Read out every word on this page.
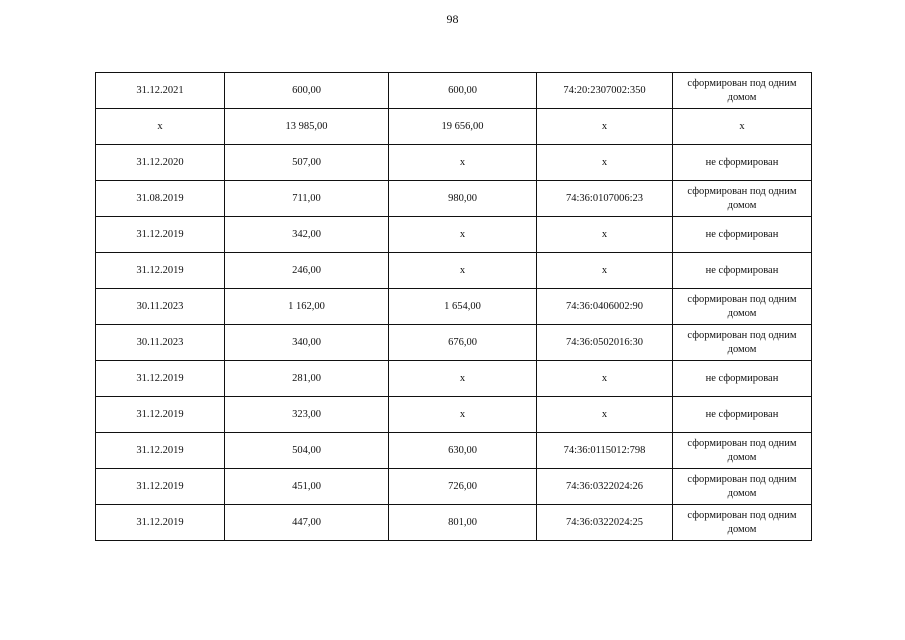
98
31.12.2021	600,00	600,00	74:20:2307002:350	сформирован под одним домом
x	13 985,00	19 656,00	x	x
31.12.2020	507,00	x	x	не сформирован
31.08.2019	711,00	980,00	74:36:0107006:23	сформирован под одним домом
31.12.2019	342,00	x	x	не сформирован
31.12.2019	246,00	x	x	не сформирован
30.11.2023	1 162,00	1 654,00	74:36:0406002:90	сформирован под одним домом
30.11.2023	340,00	676,00	74:36:0502016:30	сформирован под одним домом
31.12.2019	281,00	x	x	не сформирован
31.12.2019	323,00	x	x	не сформирован
31.12.2019	504,00	630,00	74:36:0115012:798	сформирован под одним домом
31.12.2019	451,00	726,00	74:36:0322024:26	сформирован под одним домом
31.12.2019	447,00	801,00	74:36:0322024:25	сформирован под одним домом
